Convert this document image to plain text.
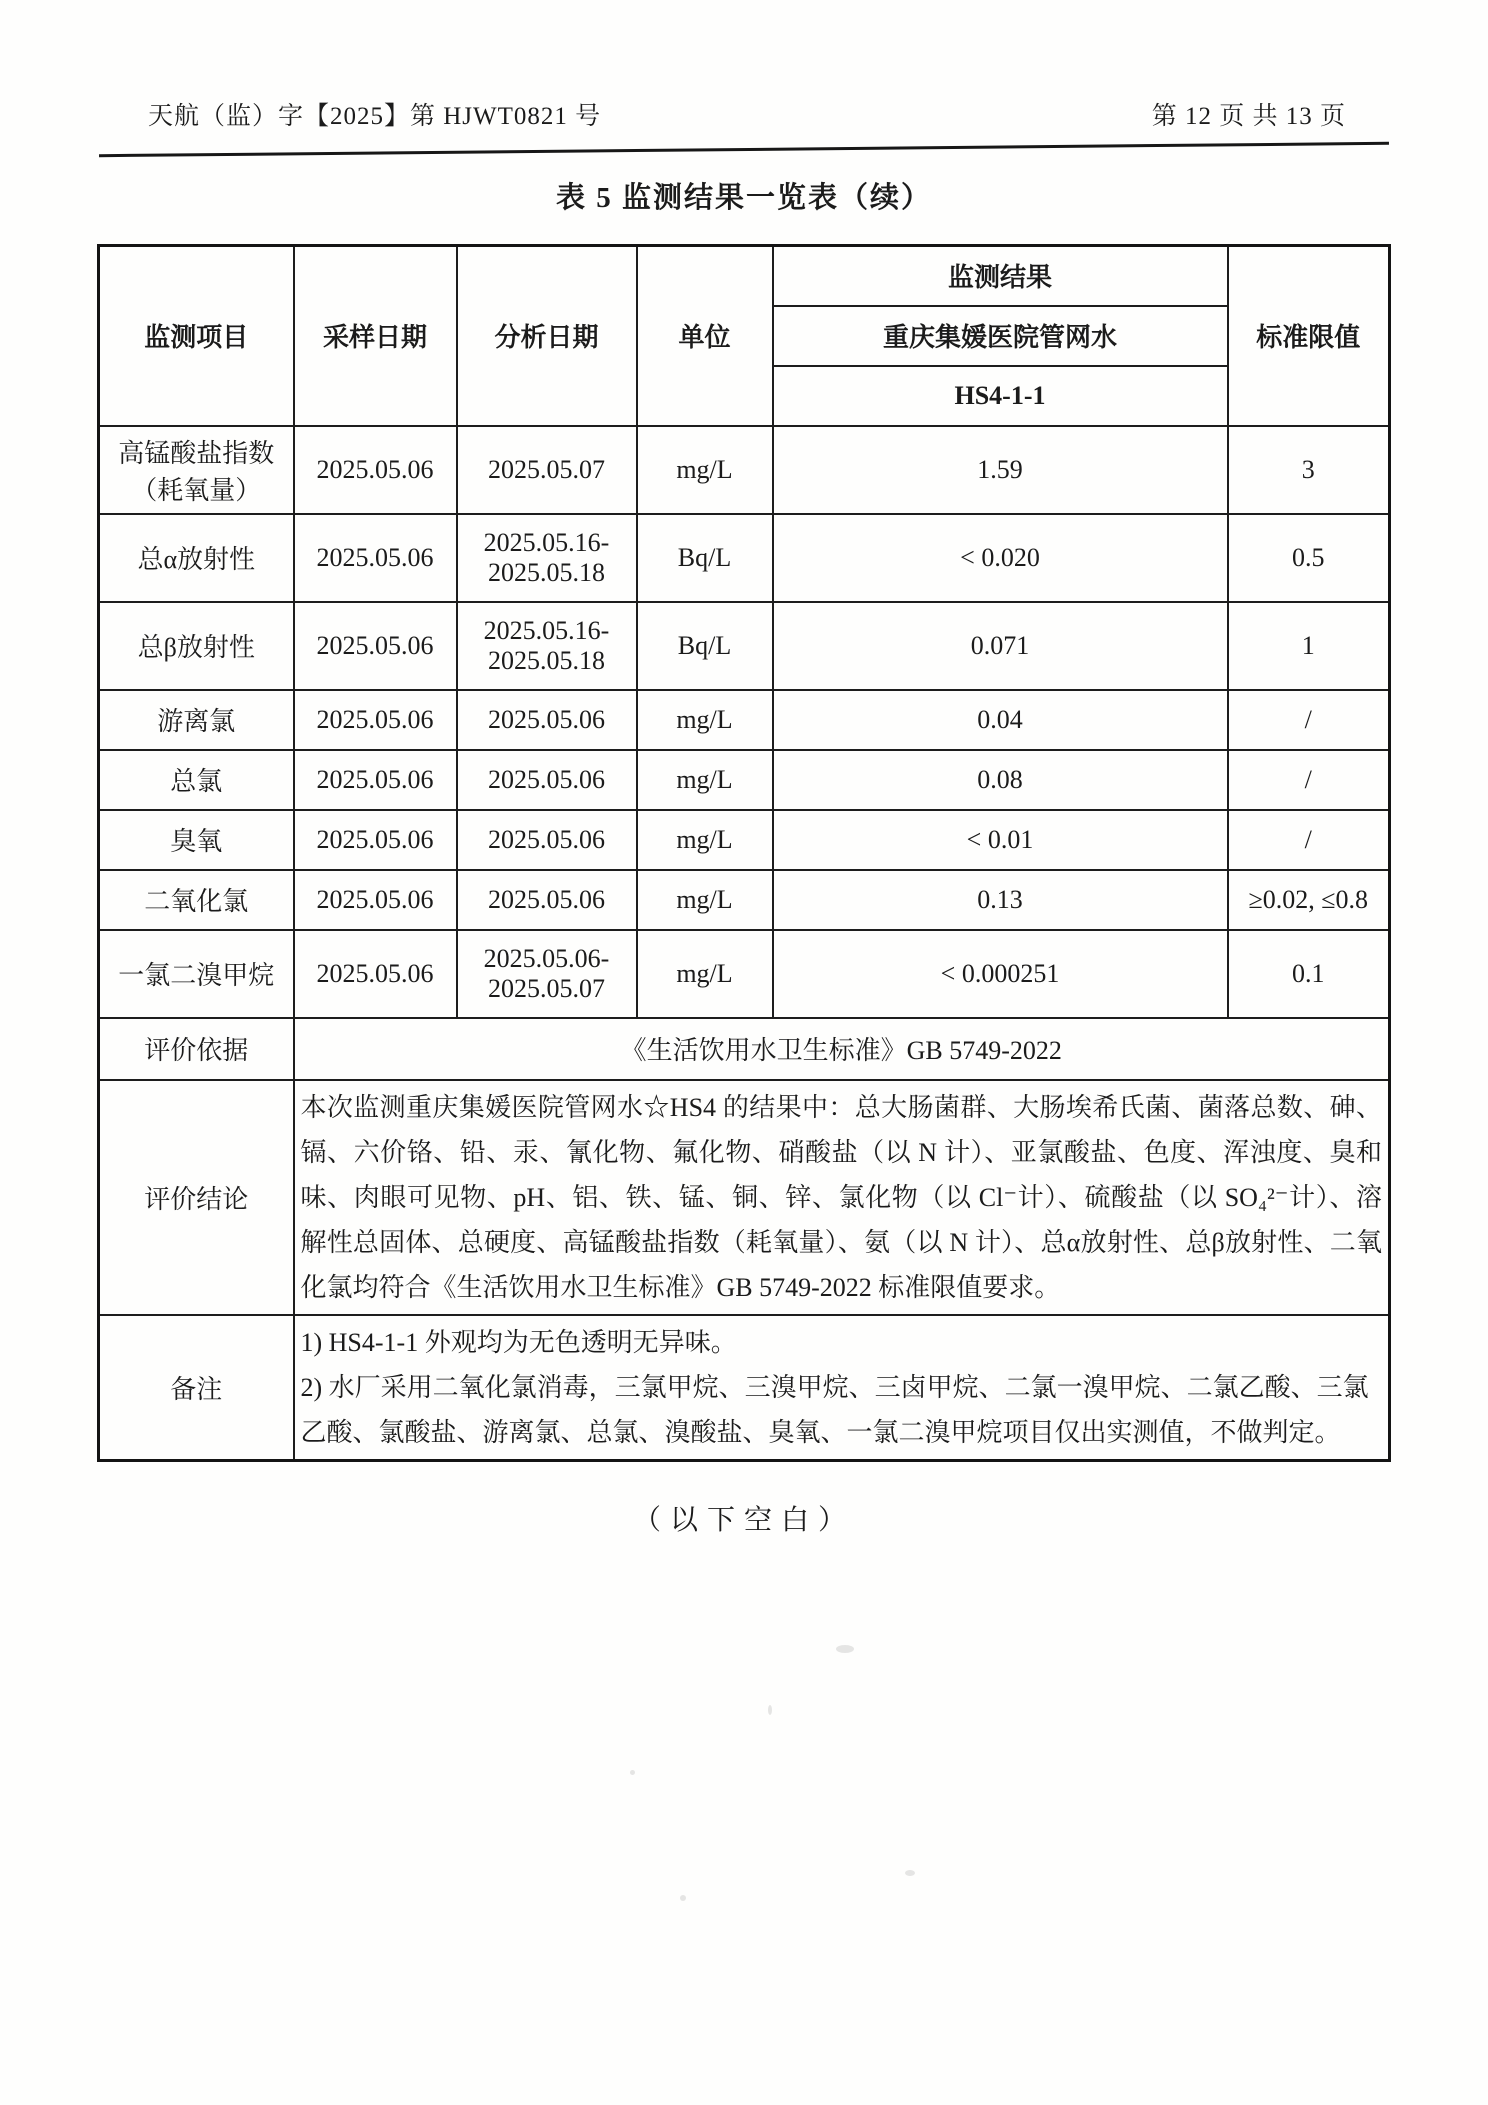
天航（监）字【2025】第 HJWT0821 号	第 12 页 共 13 页
表 5 监测结果一览表（续）
监测项目	采样日期	分析日期	单位	监测结果	标准限值
				重庆集媛医院管网水	
				HS4-1-1	
高锰酸盐指数（耗氧量）	2025.05.06	2025.05.07	mg/L	1.59	3
总α放射性	2025.05.06	2025.05.16-2025.05.18	Bq/L	< 0.020	0.5
总β放射性	2025.05.06	2025.05.16-2025.05.18	Bq/L	0.071	1
游离氯	2025.05.06	2025.05.06	mg/L	0.04	/
总氯	2025.05.06	2025.05.06	mg/L	0.08	/
臭氧	2025.05.06	2025.05.06	mg/L	< 0.01	/
二氧化氯	2025.05.06	2025.05.06	mg/L	0.13	≥0.02, ≤0.8
一氯二溴甲烷	2025.05.06	2025.05.06-2025.05.07	mg/L	< 0.000251	0.1
评价依据	《生活饮用水卫生标准》GB 5749-2022				
评价结论	本次监测重庆集媛医院管网水☆HS4 的结果中：总大肠菌群、大肠埃希氏菌、菌落总数、砷、镉、六价铬、铅、汞、氰化物、氟化物、硝酸盐（以 N 计）、亚氯酸盐、色度、浑浊度、臭和味、肉眼可见物、pH、铝、铁、锰、铜、锌、氯化物（以 Cl⁻计）、硫酸盐（以 SO₄²⁻计）、溶解性总固体、总硬度、高锰酸盐指数（耗氧量）、氨（以 N 计）、总α放射性、总β放射性、二氧化氯均符合《生活饮用水卫生标准》GB 5749-2022 标准限值要求。				

备注	1) HS4-1-1 外观均为无色透明无异味。

2) 水厂采用二氧化氯消毒，三氯甲烷、三溴甲烷、三卤甲烷、二氯一溴甲烷、二氯乙酸、三氯乙酸、氯酸盐、游离氯、总氯、溴酸盐、臭氧、一氯二溴甲烷项目仅出实测值，不做判定。				

（以下空白）
